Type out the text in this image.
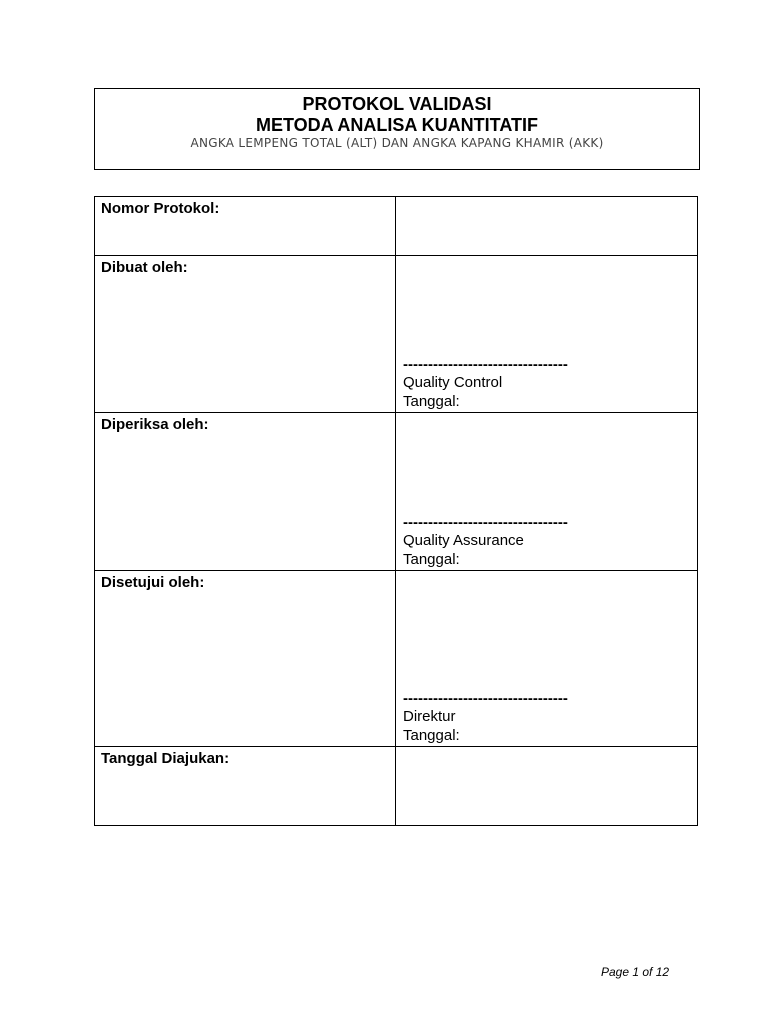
PROTOKOL VALIDASI
METODA ANALISA KUANTITATIF
ANGKA LEMPENG TOTAL (ALT) DAN ANGKA KAPANG KHAMIR (AKK)
Nomor Protokol:	

Dibuat oleh:	---------------------------------
Quality Control
Tanggal:

Diperiksa oleh:	---------------------------------
Quality Assurance
Tanggal:

Disetujui oleh:	---------------------------------
Direktur
Tanggal:

Tanggal Diajukan:	

Page 1 of 12
